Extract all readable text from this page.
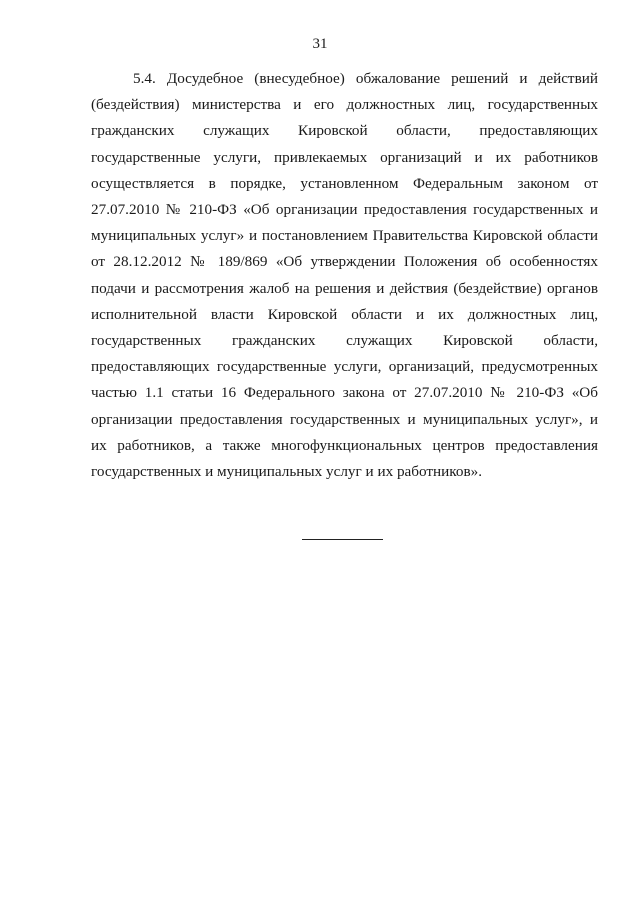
31
5.4. Досудебное (внесудебное) обжалование решений и действий
(бездействия) министерства и его должностных лиц, государственных
гражданских служащих Кировской области, предоставляющих
государственные услуги, привлекаемых организаций и их работников
осуществляется в порядке, установленном Федеральным законом от
27.07.2010 № 210-ФЗ «Об организации предоставления государственных и
муниципальных услуг» и постановлением Правительства Кировской области
от 28.12.2012 № 189/869 «Об утверждении Положения об особенностях
подачи и рассмотрения жалоб на решения и действия (бездействие) органов
исполнительной власти Кировской области и их должностных лиц,
государственных гражданских служащих Кировской области,
предоставляющих государственные услуги, организаций, предусмотренных
частью 1.1 статьи 16 Федерального закона от 27.07.2010 № 210-ФЗ «Об
организации предоставления государственных и муниципальных услуг», и
их работников, а также многофункциональных центров предоставления
государственных и муниципальных услуг и их работников».
